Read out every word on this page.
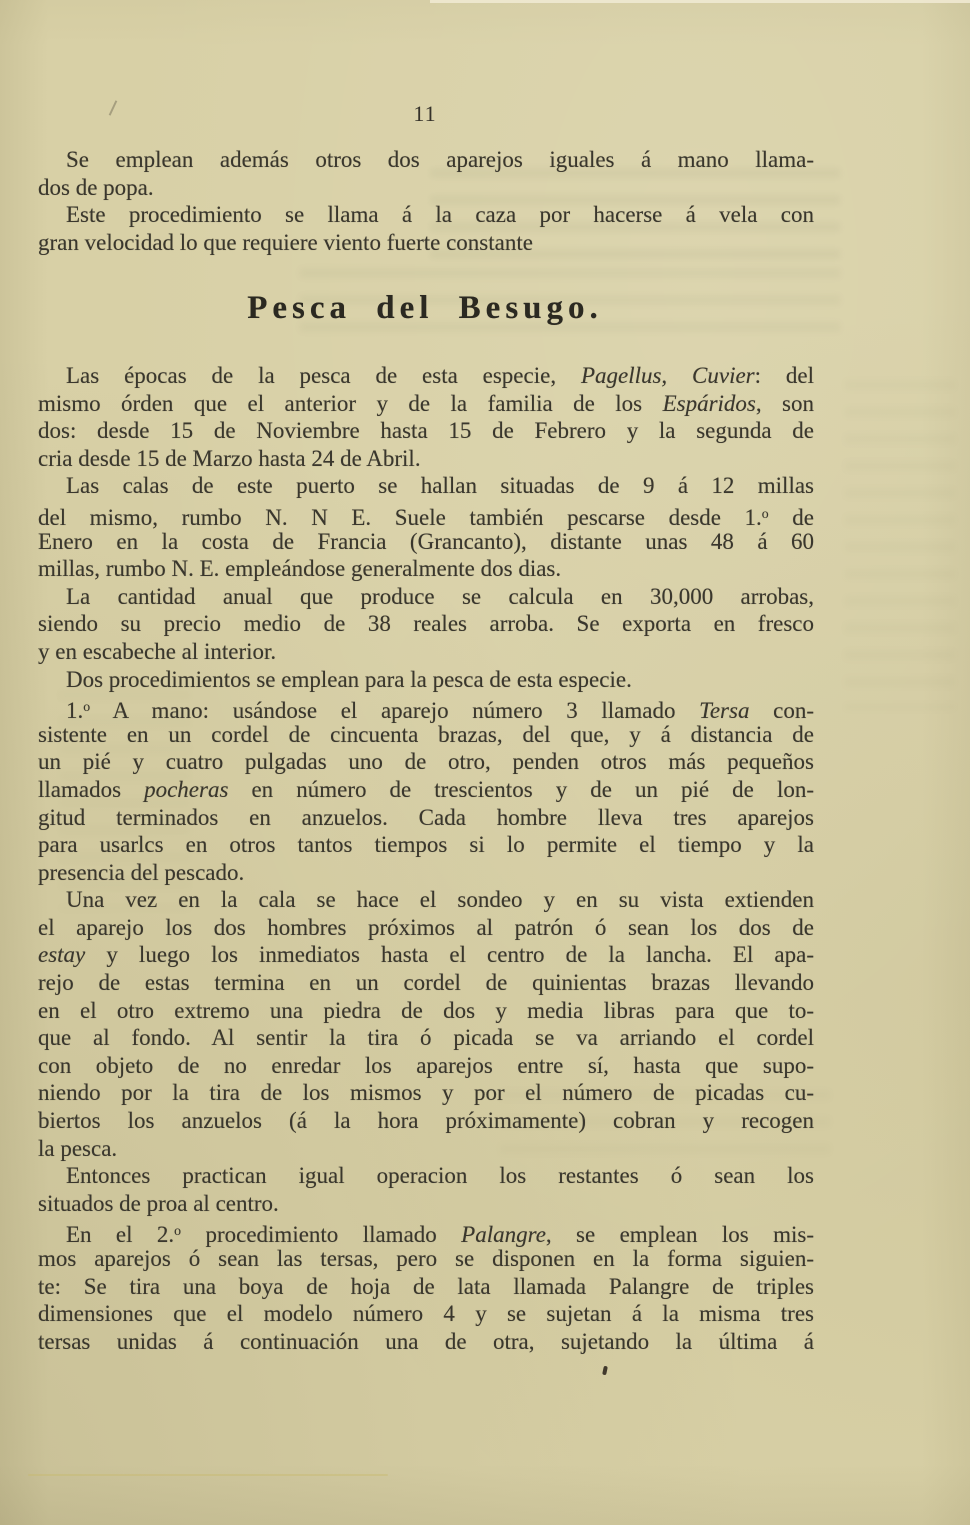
11
Se emplean además otros dos aparejos iguales á mano llama-
dos de popa.
Este procedimiento se llama á la caza por hacerse á vela con
gran velocidad lo que requiere viento fuerte constante
Pesca del Besugo.
Las épocas de la pesca de esta especie, Pagellus, Cuvier: del
mismo órden que el anterior y de la familia de los Espáridos, son
dos: desde 15 de Noviembre hasta 15 de Febrero y la segunda de
cria desde 15 de Marzo hasta 24 de Abril.
Las calas de este puerto se hallan situadas de 9 á 12 millas
del mismo, rumbo N. N E. Suele también pescarse desde 1.$^o$ de
Enero en la costa de Francia (Grancanto), distante unas 48 á 60
millas, rumbo N. E. empleándose generalmente dos dias.
La cantidad anual que produce se calcula en 30,000 arrobas,
siendo su precio medio de 38 reales arroba. Se exporta en fresco
y en escabeche al interior.
Dos procedimientos se emplean para la pesca de esta especie.
1.$^o$ A mano: usándose el aparejo número 3 llamado Tersa con-
sistente en un cordel de cincuenta brazas, del que, y á distancia de
un pié y cuatro pulgadas uno de otro, penden otros más pequeños
llamados pocheras en número de trescientos y de un pié de lon-
gitud terminados en anzuelos. Cada hombre lleva tres aparejos
para usarlcs en otros tantos tiempos si lo permite el tiempo y la
presencia del pescado.
Una vez en la cala se hace el sondeo y en su vista extienden
el aparejo los dos hombres próximos al patrón ó sean los dos de
estay y luego los inmediatos hasta el centro de la lancha. El apa-
rejo de estas termina en un cordel de quinientas brazas llevando
en el otro extremo una piedra de dos y media libras para que to-
que al fondo. Al sentir la tira ó picada se va arriando el cordel
con objeto de no enredar los aparejos entre sí, hasta que supo-
niendo por la tira de los mismos y por el número de picadas cu-
biertos los anzuelos (á la hora próximamente) cobran y recogen
la pesca.
Entonces practican igual operacion los restantes ó sean los
situados de proa al centro.
En el 2.$^o$ procedimiento llamado Palangre, se emplean los mis-
mos aparejos ó sean las tersas, pero se disponen en la forma siguien-
te: Se tira una boya de hoja de lata llamada Palangre de triples
dimensiones que el modelo número 4 y se sujetan á la misma tres
tersas unidas á continuación una de otra, sujetando la última á
